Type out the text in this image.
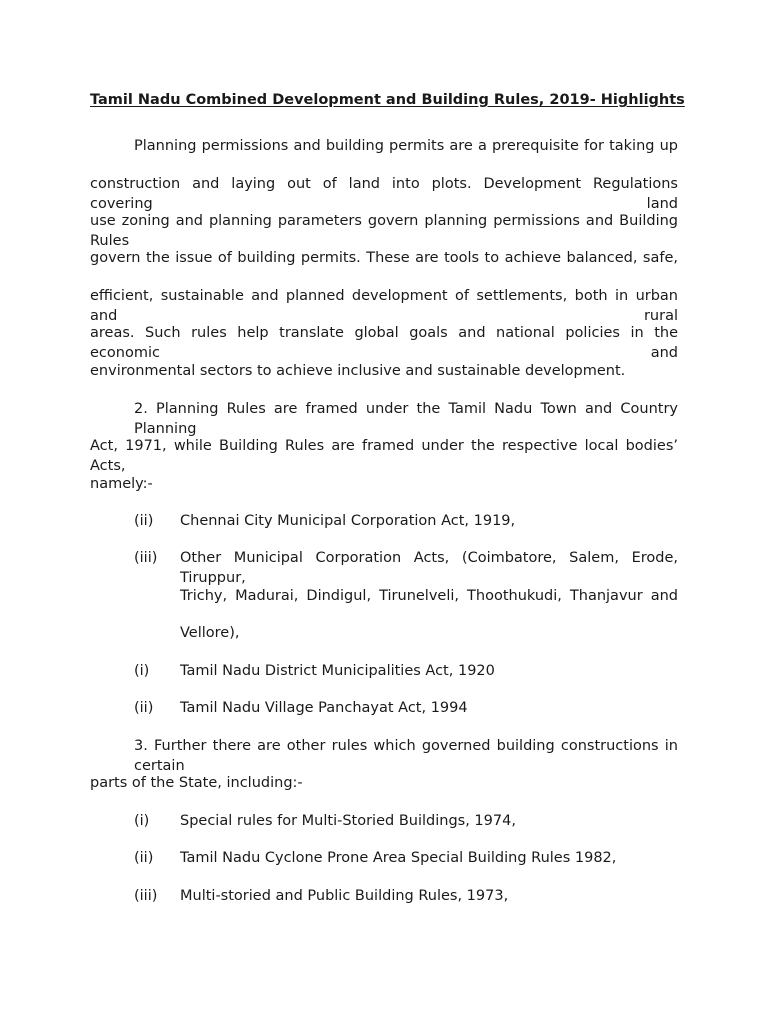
Tamil Nadu Combined Development and Building Rules, 2019- Highlights
Planning permissions and building permits are a prerequisite for taking up
construction and laying out of land into plots. Development Regulations covering land
use zoning and planning parameters govern planning permissions and Building Rules
govern the issue of building permits. These are tools to achieve balanced, safe,
efficient, sustainable and planned development of settlements, both in urban and rural
areas. Such rules help translate global goals and national policies in the economic and
environmental sectors to achieve inclusive and sustainable development.
2. Planning Rules are framed under the Tamil Nadu Town and Country Planning
Act, 1971, while Building Rules are framed under the respective local bodies’ Acts,
namely:-
(ii) Chennai City Municipal Corporation Act, 1919,
(iii) Other Municipal Corporation Acts, (Coimbatore, Salem, Erode, Tiruppur,
Trichy, Madurai, Dindigul, Tirunelveli, Thoothukudi, Thanjavur and
Vellore),
(i) Tamil Nadu District Municipalities Act, 1920
(ii) Tamil Nadu Village Panchayat Act, 1994
3. Further there are other rules which governed building constructions in certain
parts of the State, including:-
(i) Special rules for Multi-Storied Buildings, 1974,
(ii) Tamil Nadu Cyclone Prone Area Special Building Rules 1982,
(iii) Multi-storied and Public Building Rules, 1973,
